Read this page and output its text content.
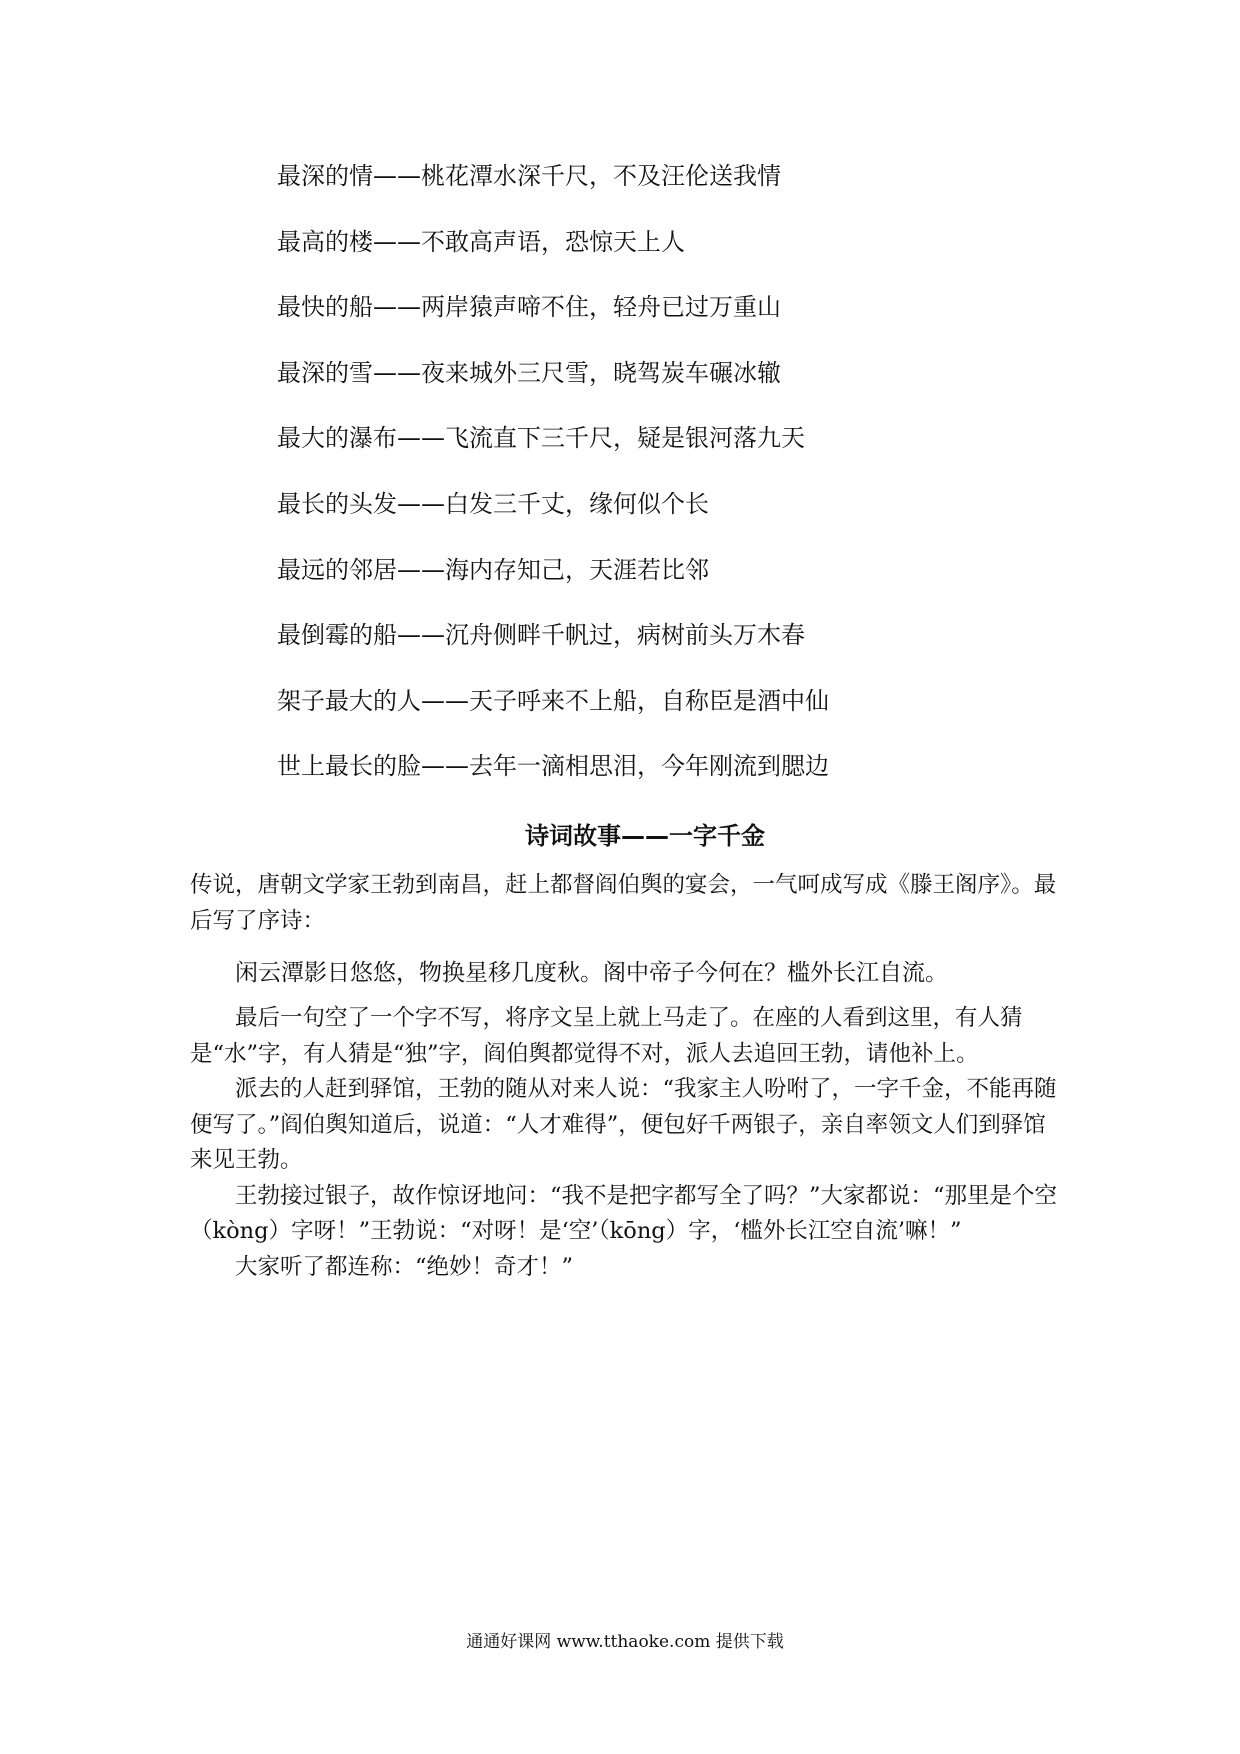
最深的情——桃花潭水深千尺，不及汪伦送我情
最高的楼——不敢高声语，恐惊天上人
最快的船——两岸猿声啼不住，轻舟已过万重山
最深的雪——夜来城外三尺雪，晓驾炭车碾冰辙
最大的瀑布——飞流直下三千尺，疑是银河落九天
最长的头发——白发三千丈，缘何似个长
最远的邻居——海内存知己，天涯若比邻
最倒霉的船——沉舟侧畔千帆过，病树前头万木春
架子最大的人——天子呼来不上船，自称臣是酒中仙
世上最长的脸——去年一滴相思泪，今年刚流到腮边
诗词故事——一字千金

传说，唐朝文学家王勃到南昌，赶上都督阎伯舆的宴会，一气呵成写成《滕王阁序》。最后写了序诗：

闲云潭影日悠悠，物换星移几度秋。阁中帝子今何在？槛外长江自流。

最后一句空了一个字不写，将序文呈上就上马走了。在座的人看到这里，有人猜是“水”字，有人猜是“独”字，阎伯舆都觉得不对，派人去追回王勃，请他补上。

派去的人赶到驿馆，王勃的随从对来人说：“我家主人吩咐了，一字千金，不能再随便写了。”阎伯舆知道后，说道：“人才难得”，便包好千两银子，亲自率领文人们到驿馆来见王勃。

王勃接过银子，故作惊讶地问：“我不是把字都写全了吗？”大家都说：“那里是个空（kòng）字呀！”王勃说：“对呀！是‘空’（kōng）字，‘槛外长江空自流’嘛！”

大家听了都连称：“绝妙！奇才！”

通通好课网 www.tthaoke.com 提供下载
